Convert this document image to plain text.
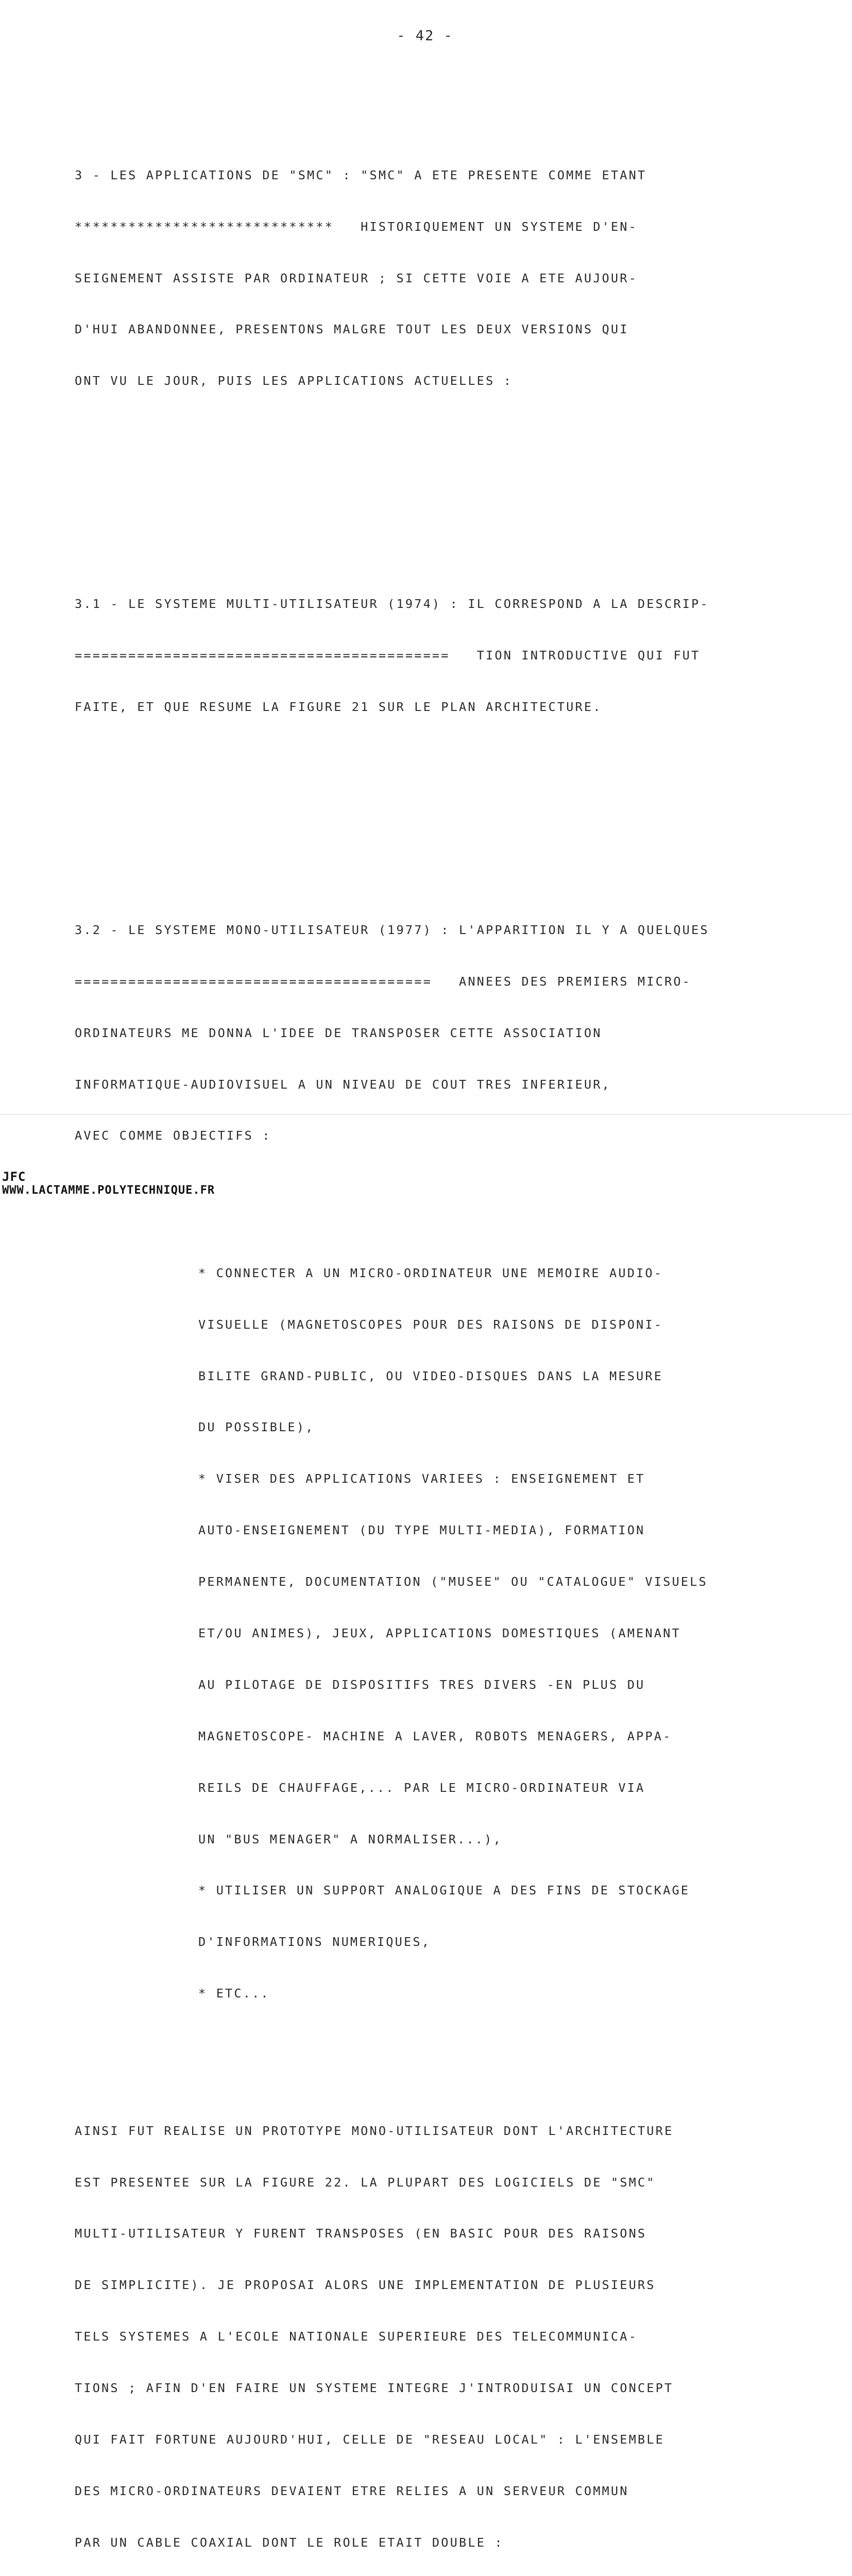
- 42 -

3 - LES APPLICATIONS DE "SMC" : "SMC" A ETE PRESENTE COMME ETANT

*****************************   HISTORIQUEMENT UN SYSTEME D'EN-

SEIGNEMENT ASSISTE PAR ORDINATEUR ; SI CETTE VOIE A ETE AUJOUR-

D'HUI ABANDONNEE, PRESENTONS MALGRE TOUT LES DEUX VERSIONS QUI

ONT VU LE JOUR, PUIS LES APPLICATIONS ACTUELLES :

3.1 - LE SYSTEME MULTI-UTILISATEUR (1974) : IL CORRESPOND A LA DESCRIP-

==========================================   TION INTRODUCTIVE QUI FUT

FAITE, ET QUE RESUME LA FIGURE 21 SUR LE PLAN ARCHITECTURE.

3.2 - LE SYSTEME MONO-UTILISATEUR (1977) : L'APPARITION IL Y A QUELQUES

========================================   ANNEES DES PREMIERS MICRO-

ORDINATEURS ME DONNA L'IDEE DE TRANSPOSER CETTE ASSOCIATION

INFORMATIQUE-AUDIOVISUEL A UN NIVEAU DE COUT TRES INFERIEUR,

AVEC COMME OBJECTIFS :

* CONNECTER A UN MICRO-ORDINATEUR UNE MEMOIRE AUDIO-

VISUELLE (MAGNETOSCOPES POUR DES RAISONS DE DISPONI-

BILITE GRAND-PUBLIC, OU VIDEO-DISQUES DANS LA MESURE

DU POSSIBLE),

* VISER DES APPLICATIONS VARIEES : ENSEIGNEMENT ET

AUTO-ENSEIGNEMENT (DU TYPE MULTI-MEDIA), FORMATION

PERMANENTE, DOCUMENTATION ("MUSEE" OU "CATALOGUE" VISUELS

ET/OU ANIMES), JEUX, APPLICATIONS DOMESTIQUES (AMENANT

AU PILOTAGE DE DISPOSITIFS TRES DIVERS -EN PLUS DU

MAGNETOSCOPE- MACHINE A LAVER, ROBOTS MENAGERS, APPA-

REILS DE CHAUFFAGE,... PAR LE MICRO-ORDINATEUR VIA

UN "BUS MENAGER" A NORMALISER...),

* UTILISER UN SUPPORT ANALOGIQUE A DES FINS DE STOCKAGE

D'INFORMATIONS NUMERIQUES,

* ETC...

AINSI FUT REALISE UN PROTOTYPE MONO-UTILISATEUR DONT L'ARCHITECTURE

EST PRESENTEE SUR LA FIGURE 22. LA PLUPART DES LOGICIELS DE "SMC"

MULTI-UTILISATEUR Y FURENT TRANSPOSES (EN BASIC POUR DES RAISONS

DE SIMPLICITE). JE PROPOSAI ALORS UNE IMPLEMENTATION DE PLUSIEURS

TELS SYSTEMES A L'ECOLE NATIONALE SUPERIEURE DES TELECOMMUNICA-

TIONS ; AFIN D'EN FAIRE UN SYSTEME INTEGRE J'INTRODUISAI UN CONCEPT

QUI FAIT FORTUNE AUJOURD'HUI, CELLE DE "RESEAU LOCAL" : L'ENSEMBLE

DES MICRO-ORDINATEURS DEVAIENT ETRE RELIES A UN SERVEUR COMMUN

PAR UN CABLE COAXIAL DONT LE ROLE ETAIT DOUBLE :

JFC
WWW.LACTAMME.POLYTECHNIQUE.FR
